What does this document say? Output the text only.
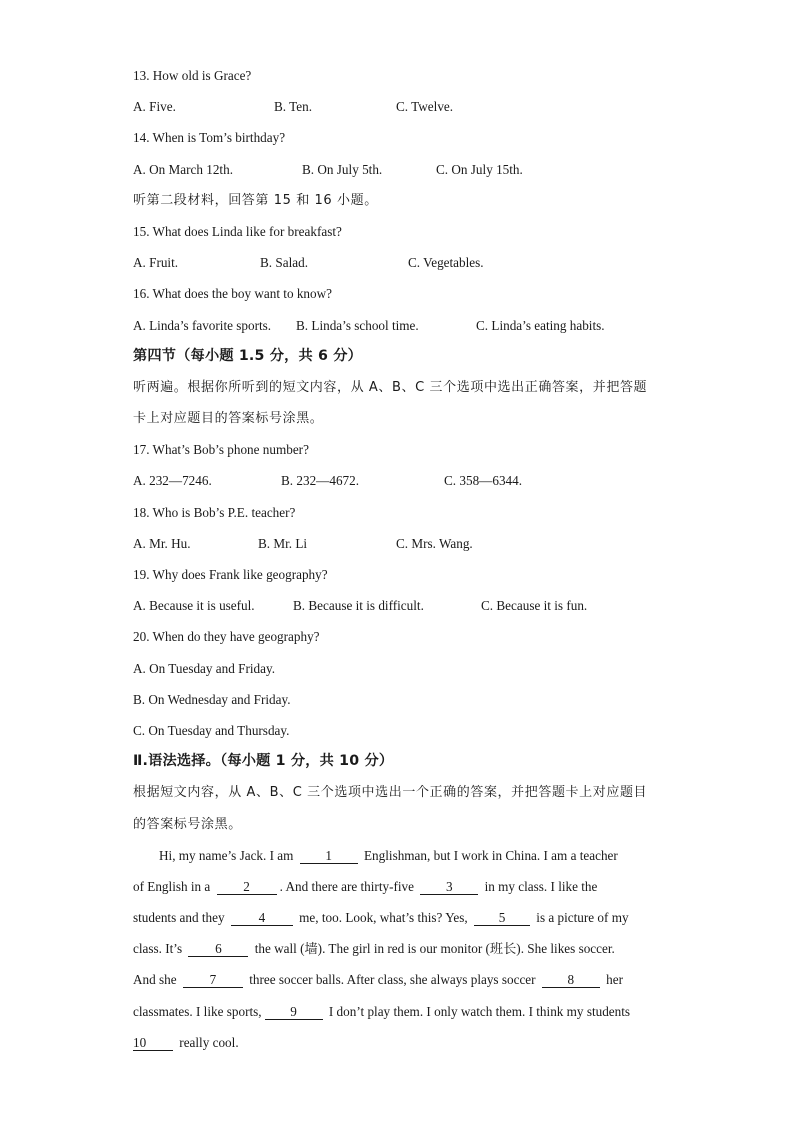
13. How old is Grace?
A. Five.	B. Ten.	C. Twelve.
14. When is Tom’s birthday?
A. On March 12th.	B. On July 5th.	C. On July 15th.
听第二段材料，回答第 15 和 16 小题。
15. What does Linda like for breakfast?
A. Fruit.	B. Salad.	C. Vegetables.
16. What does the boy want to know?
A. Linda’s favorite sports. B. Linda’s school time.	C. Linda’s eating habits.
第四节（每小题 1.5 分，共 6 分）
听两遍。根据你所听到的短文内容，从 A、B、C 三个选项中选出正确答案，并把答题
卡上对应题目的答案标号涂黑。
17. What’s Bob’s phone number?
A. 232—7246.	B. 232—4672.	C. 358—6344.
18. Who is Bob’s P.E. teacher?
A. Mr. Hu.	B. Mr. Li	C. Mrs. Wang.
19. Why does Frank like geography?
A. Because it is useful.	B. Because it is difficult.	C. Because it is fun.
20. When do they have geography?
A. On Tuesday and Friday.
B. On Wednesday and Friday.
C. On Tuesday and Thursday.
Ⅱ.语法选择。（每小题 1 分，共 10 分）
根据短文内容，从 A、B、C 三个选项中选出一个正确的答案，并把答题卡上对应题目
的答案标号涂黑。
Hi, my name’s Jack. I am 1 Englishman, but I work in China. I am a teacher
of English in a	2 . And there are thirty-five 3 in my class. I like the
students and they	4	me, too. Look, what’s this? Yes, 5 is a picture of my
class. It’s	6	the wall (墙). The girl in red is our monitor (班长). She likes soccer.
And she	7	three soccer balls. After class, she always plays soccer 8 her
classmates. I like sports, 9 I don’t play them. I only watch them. I think my students
10	really cool.
